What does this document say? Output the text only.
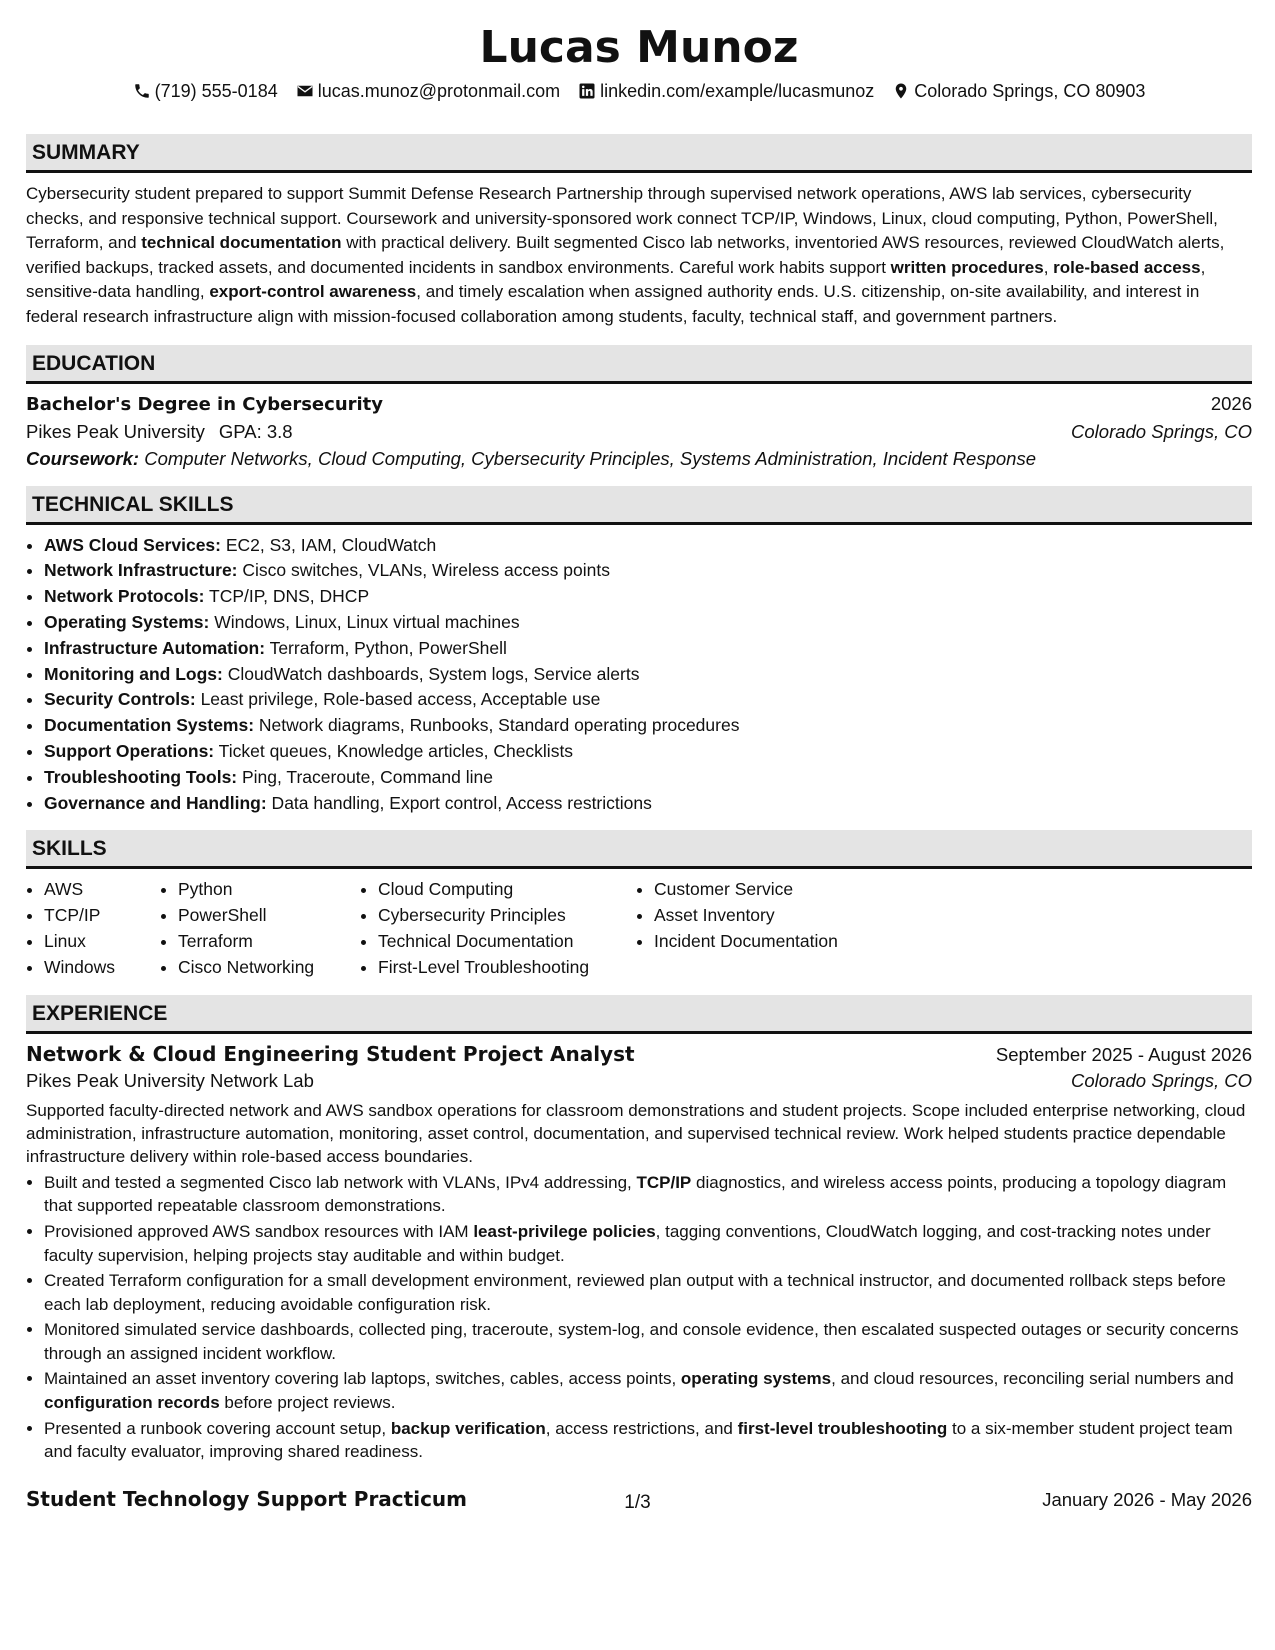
Lucas Munoz
(719) 555-0184 lucas.munoz@protonmail.com linkedin.com/example/lucasmunoz Colorado Springs, CO 80903
SUMMARY
Cybersecurity student prepared to support Summit Defense Research Partnership through supervised network operations, AWS lab services, cybersecurity checks, and responsive technical support. Coursework and university-sponsored work connect TCP/IP, Windows, Linux, cloud computing, Python, PowerShell, Terraform, and technical documentation with practical delivery. Built segmented Cisco lab networks, inventoried AWS resources, reviewed CloudWatch alerts, verified backups, tracked assets, and documented incidents in sandbox environments. Careful work habits support written procedures, role-based access, sensitive-data handling, export-control awareness, and timely escalation when assigned authority ends. U.S. citizenship, on-site availability, and interest in federal research infrastructure align with mission-focused collaboration among students, faculty, technical staff, and government partners.
EDUCATION
Bachelor's Degree in Cybersecurity	2026
Pikes Peak University GPA: 3.8	Colorado Springs, CO
Coursework: Computer Networks, Cloud Computing, Cybersecurity Principles, Systems Administration, Incident Response
TECHNICAL SKILLS
• AWS Cloud Services: EC2, S3, IAM, CloudWatch
• Network Infrastructure: Cisco switches, VLANs, Wireless access points
• Network Protocols: TCP/IP, DNS, DHCP
• Operating Systems: Windows, Linux, Linux virtual machines
• Infrastructure Automation: Terraform, Python, PowerShell
• Monitoring and Logs: CloudWatch dashboards, System logs, Service alerts
• Security Controls: Least privilege, Role-based access, Acceptable use
• Documentation Systems: Network diagrams, Runbooks, Standard operating procedures
• Support Operations: Ticket queues, Knowledge articles, Checklists
• Troubleshooting Tools: Ping, Traceroute, Command line
• Governance and Handling: Data handling, Export control, Access restrictions
SKILLS
• AWS
• TCP/IP
• Linux
• Windows
• Python
• PowerShell
• Terraform
• Cisco Networking
• Cloud Computing
• Cybersecurity Principles
• Technical Documentation
• First-Level Troubleshooting
• Customer Service
• Asset Inventory
• Incident Documentation
EXPERIENCE
Network & Cloud Engineering Student Project Analyst	September 2025 - August 2026
Pikes Peak University Network Lab	Colorado Springs, CO
Supported faculty-directed network and AWS sandbox operations for classroom demonstrations and student projects. Scope included enterprise networking, cloud administration, infrastructure automation, monitoring, asset control, documentation, and supervised technical review. Work helped students practice dependable infrastructure delivery within role-based access boundaries.
• Built and tested a segmented Cisco lab network with VLANs, IPv4 addressing, TCP/IP diagnostics, and wireless access points, producing a topology diagram that supported repeatable classroom demonstrations.
• Provisioned approved AWS sandbox resources with IAM least-privilege policies, tagging conventions, CloudWatch logging, and cost-tracking notes under faculty supervision, helping projects stay auditable and within budget.
• Created Terraform configuration for a small development environment, reviewed plan output with a technical instructor, and documented rollback steps before each lab deployment, reducing avoidable configuration risk.
• Monitored simulated service dashboards, collected ping, traceroute, system-log, and console evidence, then escalated suspected outages or security concerns through an assigned incident workflow.
• Maintained an asset inventory covering lab laptops, switches, cables, access points, operating systems, and cloud resources, reconciling serial numbers and configuration records before project reviews.
• Presented a runbook covering account setup, backup verification, access restrictions, and first-level troubleshooting to a six-member student project team and faculty evaluator, improving shared readiness.
Student Technology Support Practicum	January 2026 - May 2026
1/3
